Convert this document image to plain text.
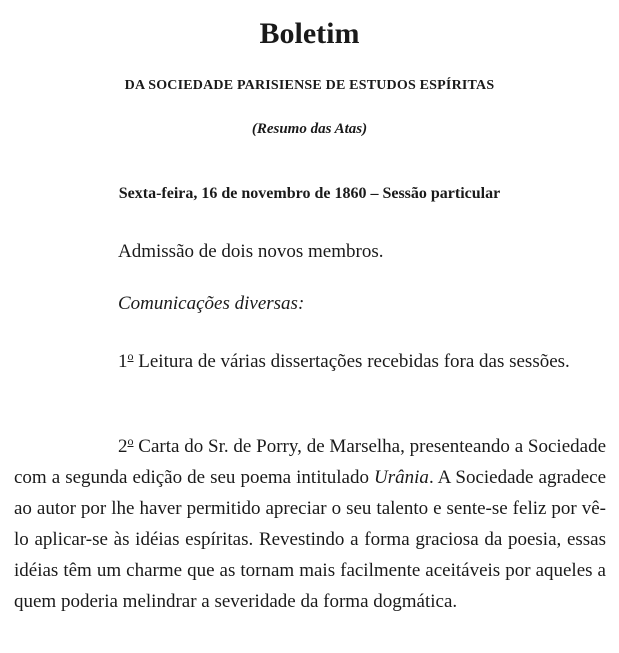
Boletim

DA SOCIEDADE PARISIENSE DE ESTUDOS ESPÍRITAS

(Resumo das Atas)

Sexta-feira, 16 de novembro de 1860 – Sessão particular

Admissão de dois novos membros.

Comunicações diversas:

1$^o$ Leitura de várias dissertações recebidas fora das sessões.

2$^o$ Carta do Sr. de Porry, de Marselha, presenteando a Sociedade com a segunda edição de seu poema intitulado Urânia. A Sociedade agradece ao autor por lhe haver permitido apreciar o seu talento e sente-se feliz por vê-lo aplicar-se às idéias espíritas. Revestindo a forma graciosa da poesia, essas idéias têm um charme que as tornam mais facilmente aceitáveis por aqueles a quem poderia melindrar a severidade da forma dogmática.
